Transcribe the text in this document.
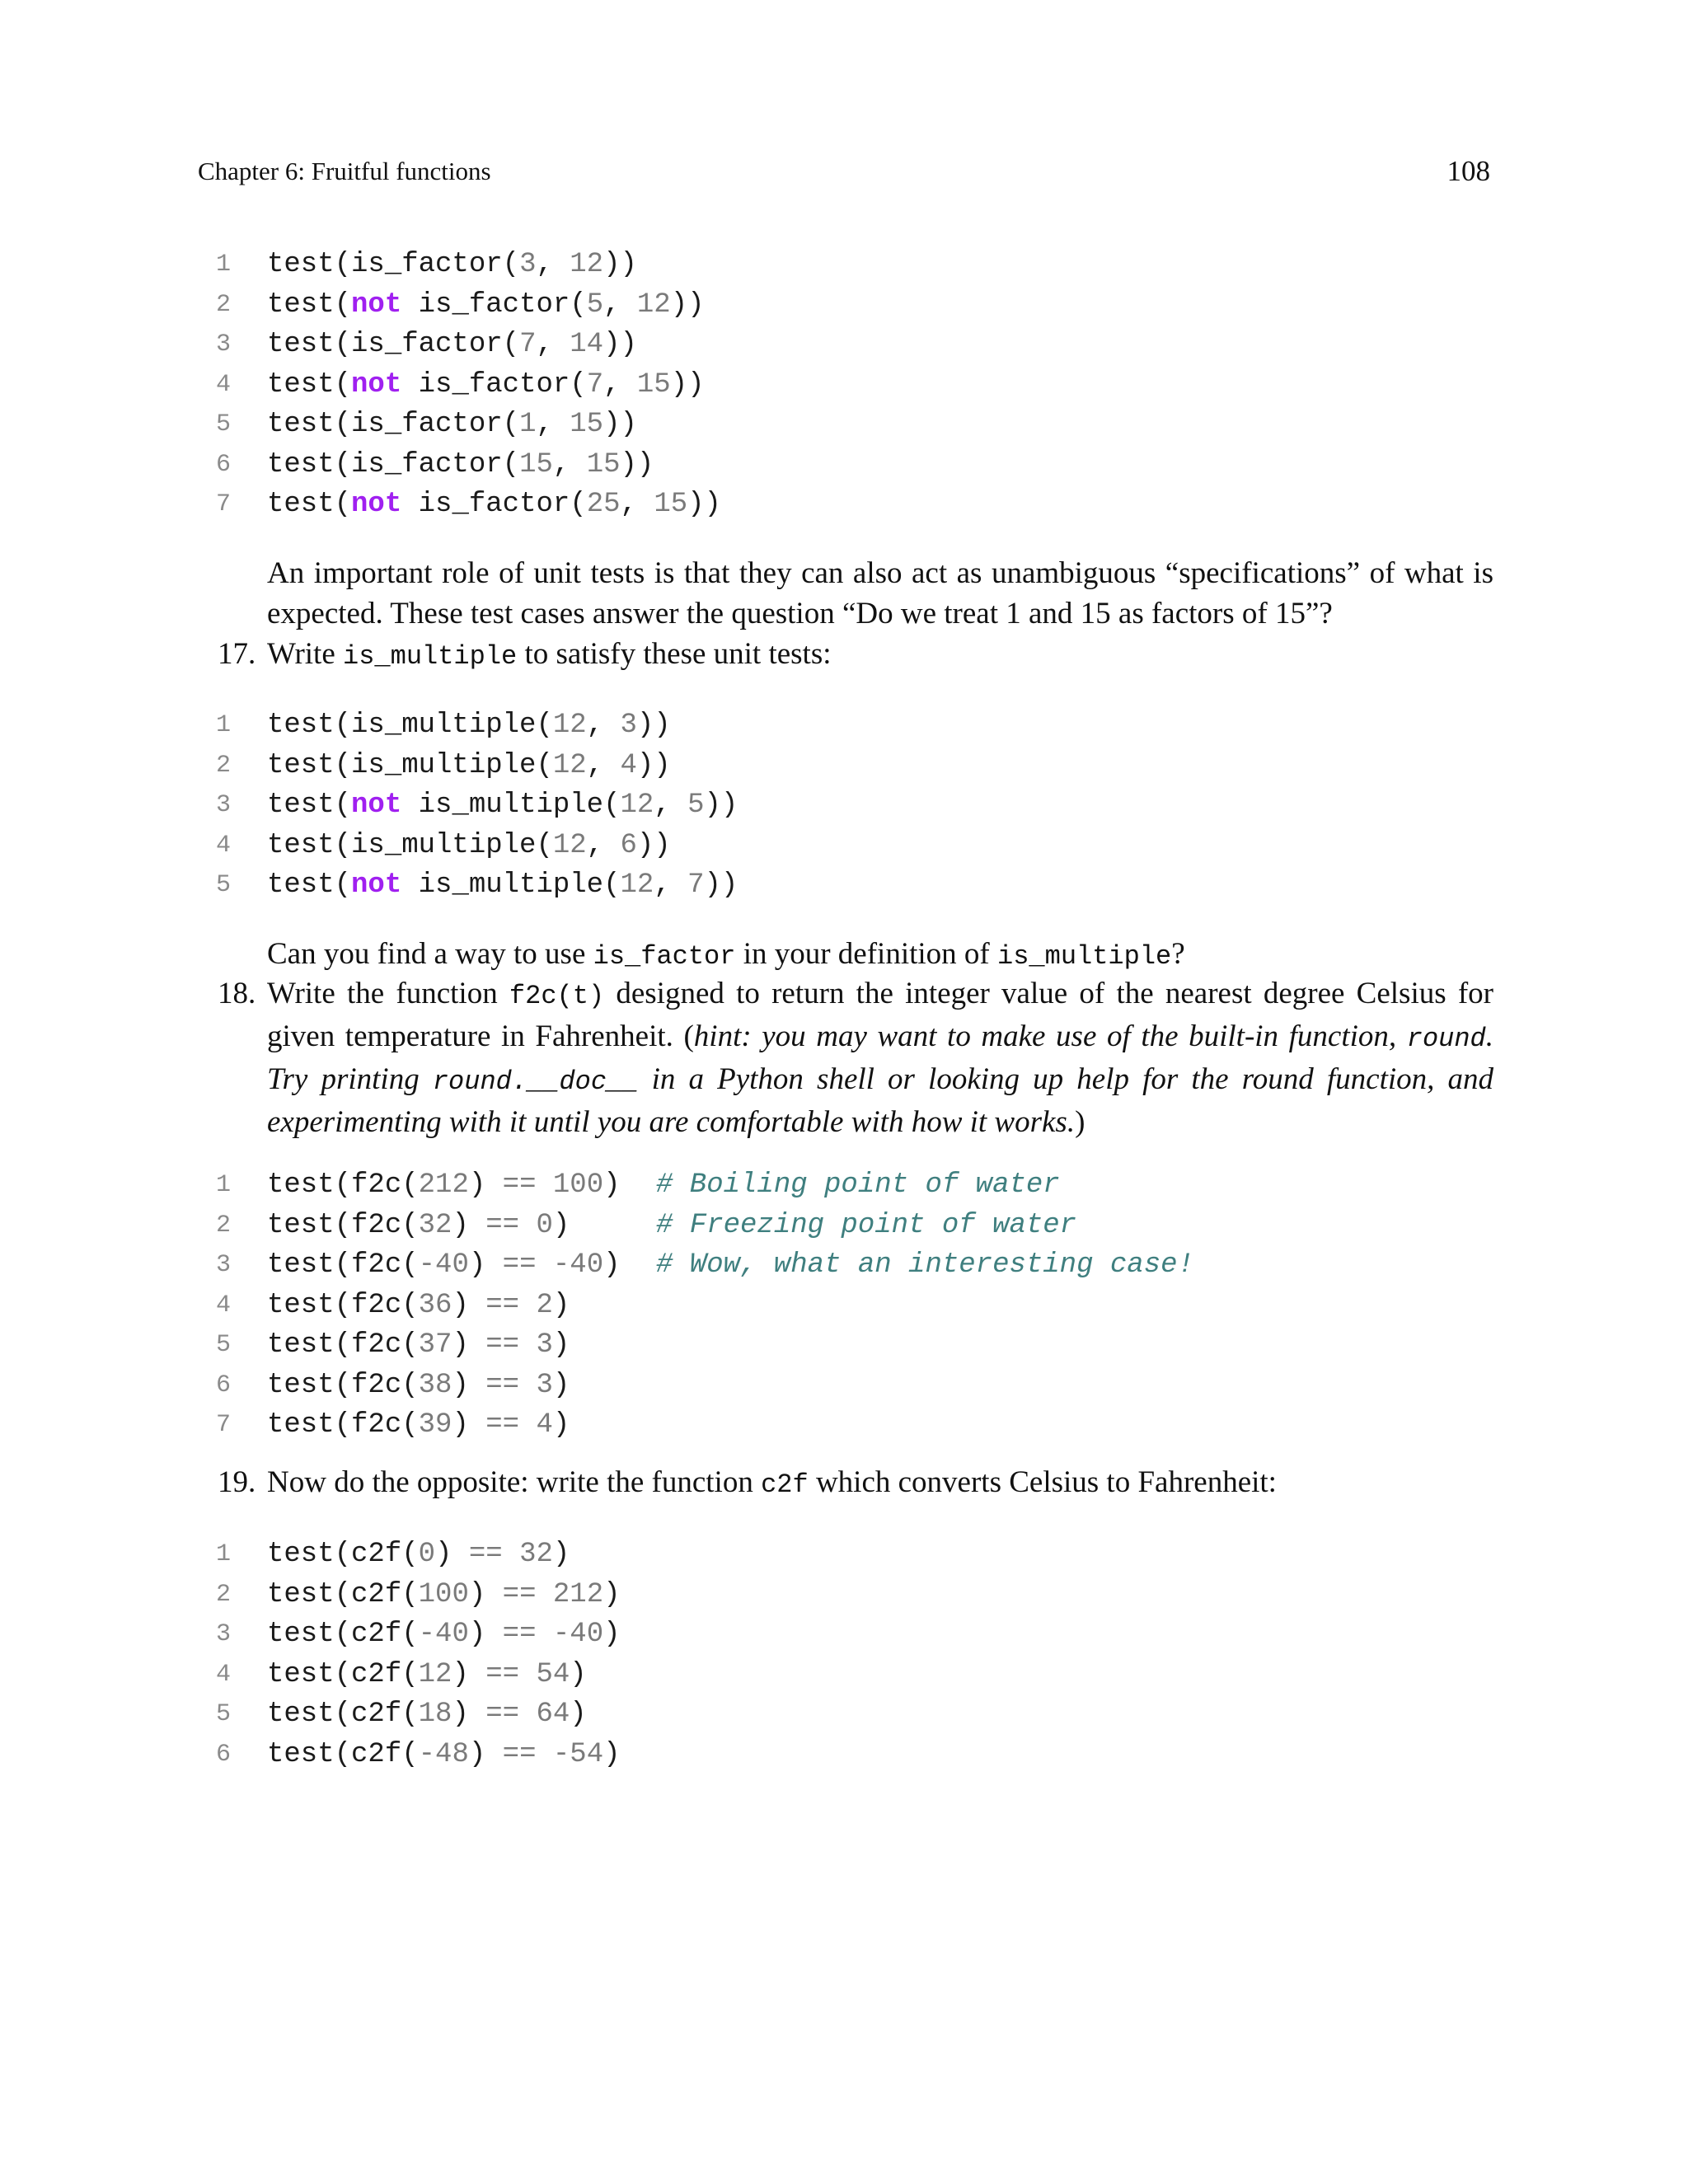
Chapter 6: Fruitful functions	108
1	test(is_factor(3, 12))
2	test(not is_factor(5, 12))
3	test(is_factor(7, 14))
4	test(not is_factor(7, 15))
5	test(is_factor(1, 15))
6	test(is_factor(15, 15))
7	test(not is_factor(25, 15))
An important role of unit tests is that they can also act as unambiguous “specifications” of what is expected. These test cases answer the question “Do we treat 1 and 15 as factors of 15”?
17. Write is_multiple to satisfy these unit tests:
1	test(is_multiple(12, 3))
2	test(is_multiple(12, 4))
3	test(not is_multiple(12, 5))
4	test(is_multiple(12, 6))
5	test(not is_multiple(12, 7))
Can you find a way to use is_factor in your definition of is_multiple?
18. Write the function f2c(t) designed to return the integer value of the nearest degree Celsius for given temperature in Fahrenheit. (hint: you may want to make use of the built-in function, round. Try printing round.__doc__ in a Python shell or looking up help for the round function, and experimenting with it until you are comfortable with how it works.)
1	test(f2c(212) == 100) # Boiling point of water
2	test(f2c(32) == 0)	# Freezing point of water
3	test(f2c(-40) == -40) # Wow, what an interesting case!
4	test(f2c(36) == 2)
5	test(f2c(37) == 3)
6	test(f2c(38) == 3)
7	test(f2c(39) == 4)
19. Now do the opposite: write the function c2f which converts Celsius to Fahrenheit:
1	test(c2f(0) == 32)
2	test(c2f(100) == 212)
3	test(c2f(-40) == -40)
4	test(c2f(12) == 54)
5	test(c2f(18) == 64)
6	test(c2f(-48) == -54)
